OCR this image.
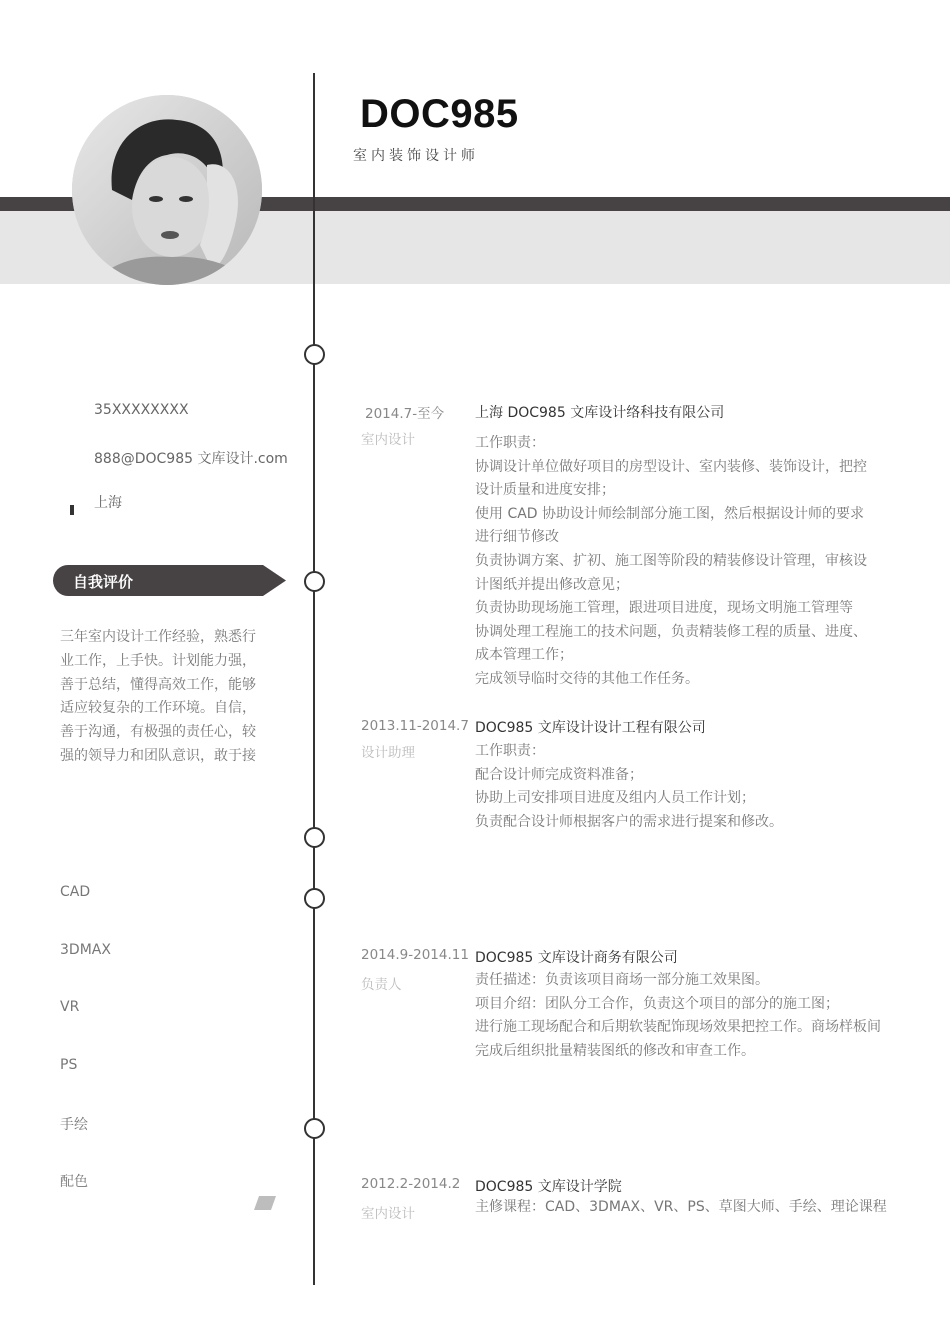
DOC985
室内装饰设计师
35XXXXXXXX
888@DOC985 文库设计.com
上海
自我评价
三年室内设计工作经验，熟悉行
业工作，上手快。计划能力强，
善于总结，懂得高效工作，能够
适应较复杂的工作环境。自信，
善于沟通，有极强的责任心，较
强的领导力和团队意识，敢于接
CAD
3DMAX
VR
PS
手绘
配色
2014.7-至今
室内设计
上海 DOC985 文库设计络科技有限公司
工作职责：
协调设计单位做好项目的房型设计、室内装修、装饰设计，把控
设计质量和进度安排；
使用 CAD 协助设计师绘制部分施工图，然后根据设计师的要求
进行细节修改
负责协调方案、扩初、施工图等阶段的精装修设计管理，审核设
计图纸并提出修改意见；
负责协助现场施工管理，跟进项目进度，现场文明施工管理等
协调处理工程施工的技术问题，负责精装修工程的质量、进度、
成本管理工作；
完成领导临时交待的其他工作任务。
2013.11-2014.7
设计助理
DOC985 文库设计设计工程有限公司
工作职责：
配合设计师完成资料准备；
协助上司安排项目进度及组内人员工作计划；
负责配合设计师根据客户的需求进行提案和修改。
2014.9-2014.11
负责人
DOC985 文库设计商务有限公司
责任描述：负责该项目商场一部分施工效果图。
项目介绍：团队分工合作，负责这个项目的部分的施工图；
进行施工现场配合和后期软装配饰现场效果把控工作。商场样板间
完成后组织批量精装图纸的修改和审查工作。
2012.2-2014.2
室内设计
DOC985 文库设计学院
主修课程：CAD、3DMAX、VR、PS、草图大师、手绘、理论课程
